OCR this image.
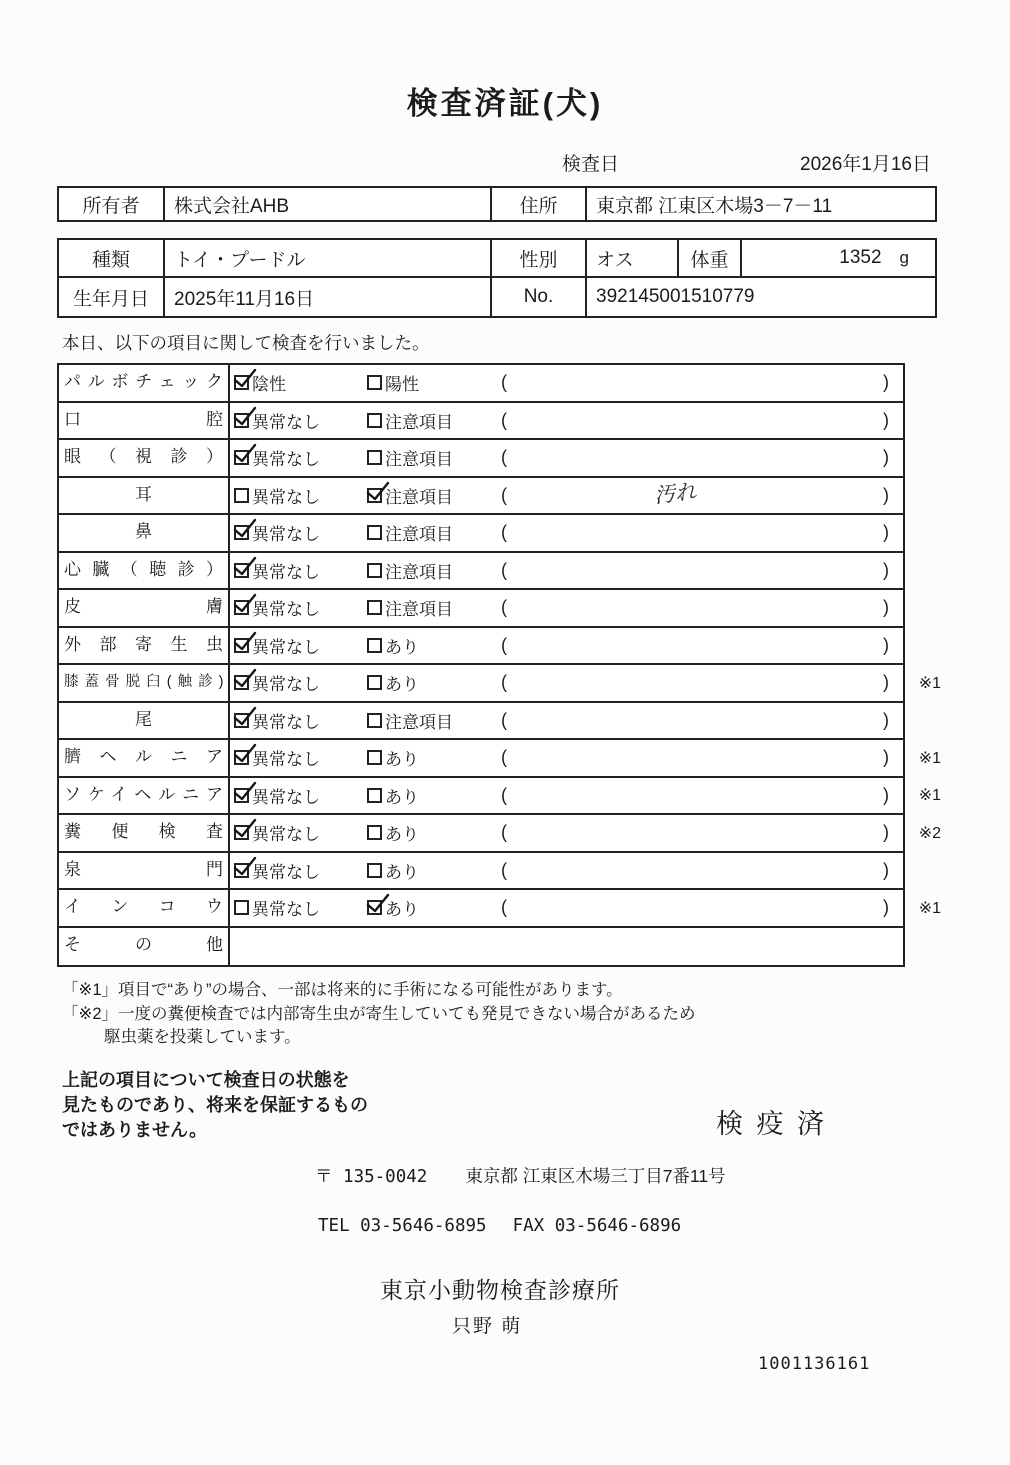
検査済証(犬)
検査日	2026年1月16日
所有者	株式会社AHB	住所	東京都 江東区木場3－7－11
種類	トイ・プードル	性別	オス	体重	1352 g
生年月日	2025年11月16日	No.	392145001510779

本日、以下の項目に関して検査を行いました。

パルボチェック	陰性	陽性	(	)
口腔	異常なし	注意項目	(	)
眼（視診）	異常なし	注意項目	(	)
耳	異常なし	注意項目	(	汚れ	)
鼻	異常なし	注意項目	(	)
心臓（聴診）	異常なし	注意項目	(	)
皮膚	異常なし	注意項目	(	)
外部寄生虫	異常なし	あり	(	)
膝蓋骨脱臼(触診)	異常なし	あり	(	) ※1
尾	異常なし	注意項目	(	)
臍ヘルニア	異常なし	あり	(	) ※1
ソケイヘルニア	異常なし	あり	(	) ※1
糞便検査	異常なし	あり	(	) ※2
泉門	異常なし	あり	(	)
インコウ	異常なし	あり	(	) ※1
その他
「※1」項目で“あり”の場合、一部は将来的に手術になる可能性があります。
「※2」一度の糞便検査では内部寄生虫が寄生していても発見できない場合があるため
駆虫薬を投薬しています。
上記の項目について検査日の状態を
見たものであり、将来を保証するもの
ではありません。	検 疫 済
〒 135-0042 東京都 江東区木場三丁目7番11号
TEL 03-5646-6895 FAX 03-5646-6896
東京小動物検査診療所
只野 萌
1001136161
